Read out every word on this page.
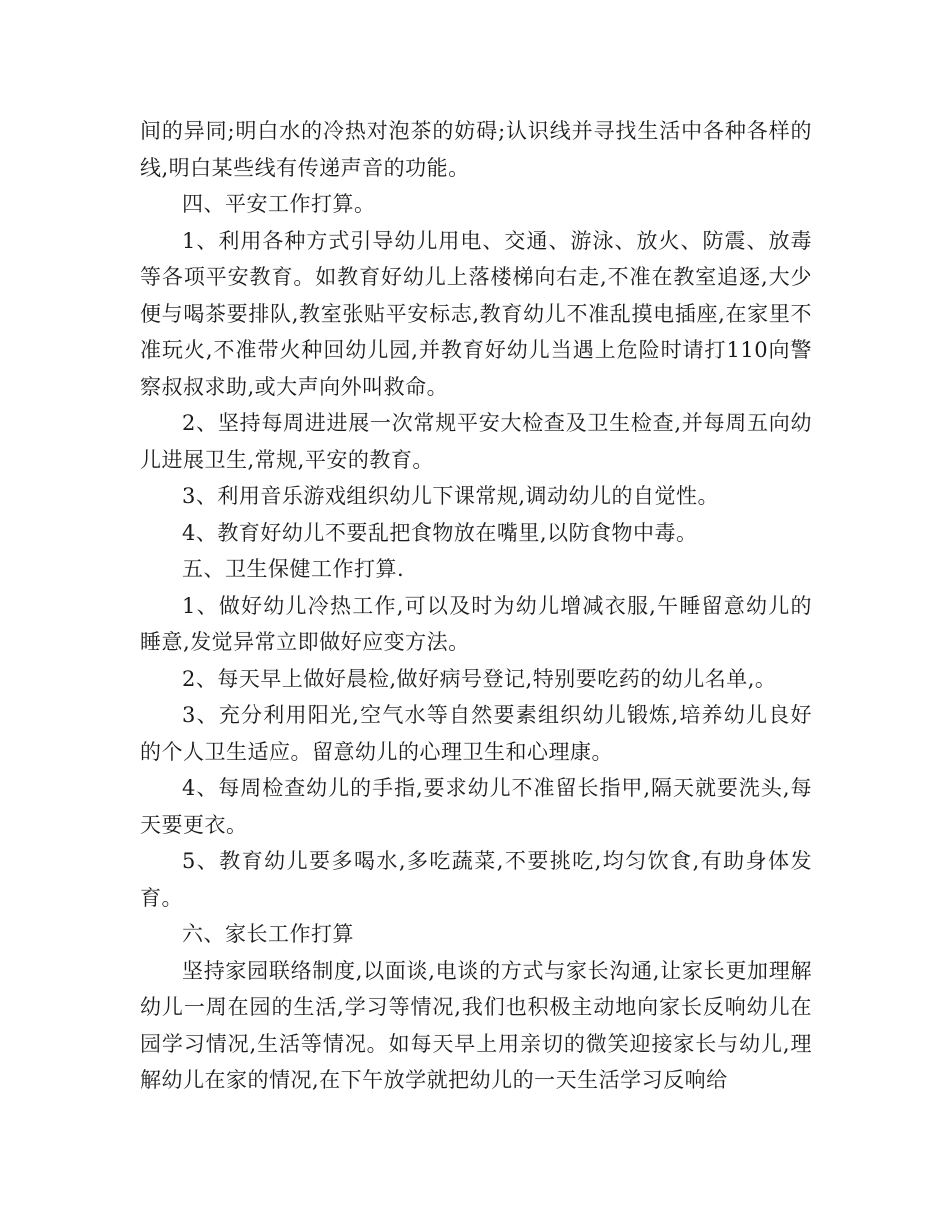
间的异同;明白水的冷热对泡茶的妨碍;认识线并寻找生活中各种各样的线,明白某些线有传递声音的功能。

四、平安工作打算。

1、利用各种方式引导幼儿用电、交通、游泳、放火、防震、放毒等各项平安教育。如教育好幼儿上落楼梯向右走,不准在教室追逐,大少便与喝茶要排队,教室张贴平安标志,教育幼儿不准乱摸电插座,在家里不准玩火,不准带火种回幼儿园,并教育好幼儿当遇上危险时请打110向警察叔叔求助,或大声向外叫救命。

2、坚持每周进进展一次常规平安大检查及卫生检查,并每周五向幼儿进展卫生,常规,平安的教育。

3、利用音乐游戏组织幼儿下课常规,调动幼儿的自觉性。

4、教育好幼儿不要乱把食物放在嘴里,以防食物中毒。

五、卫生保健工作打算.

1、做好幼儿冷热工作,可以及时为幼儿增减衣服,午睡留意幼儿的睡意,发觉异常立即做好应变方法。

2、每天早上做好晨检,做好病号登记,特别要吃药的幼儿名单,。

3、充分利用阳光,空气水等自然要素组织幼儿锻炼,培养幼儿良好的个人卫生适应。留意幼儿的心理卫生和心理康。

4、每周检查幼儿的手指,要求幼儿不准留长指甲,隔天就要洗头,每天要更衣。

5、教育幼儿要多喝水,多吃蔬菜,不要挑吃,均匀饮食,有助身体发育。

六、家长工作打算

坚持家园联络制度,以面谈,电谈的方式与家长沟通,让家长更加理解幼儿一周在园的生活,学习等情况,我们也积极主动地向家长反响幼儿在园学习情况,生活等情况。如每天早上用亲切的微笑迎接家长与幼儿,理解幼儿在家的情况,在下午放学就把幼儿的一天生活学习反响给
